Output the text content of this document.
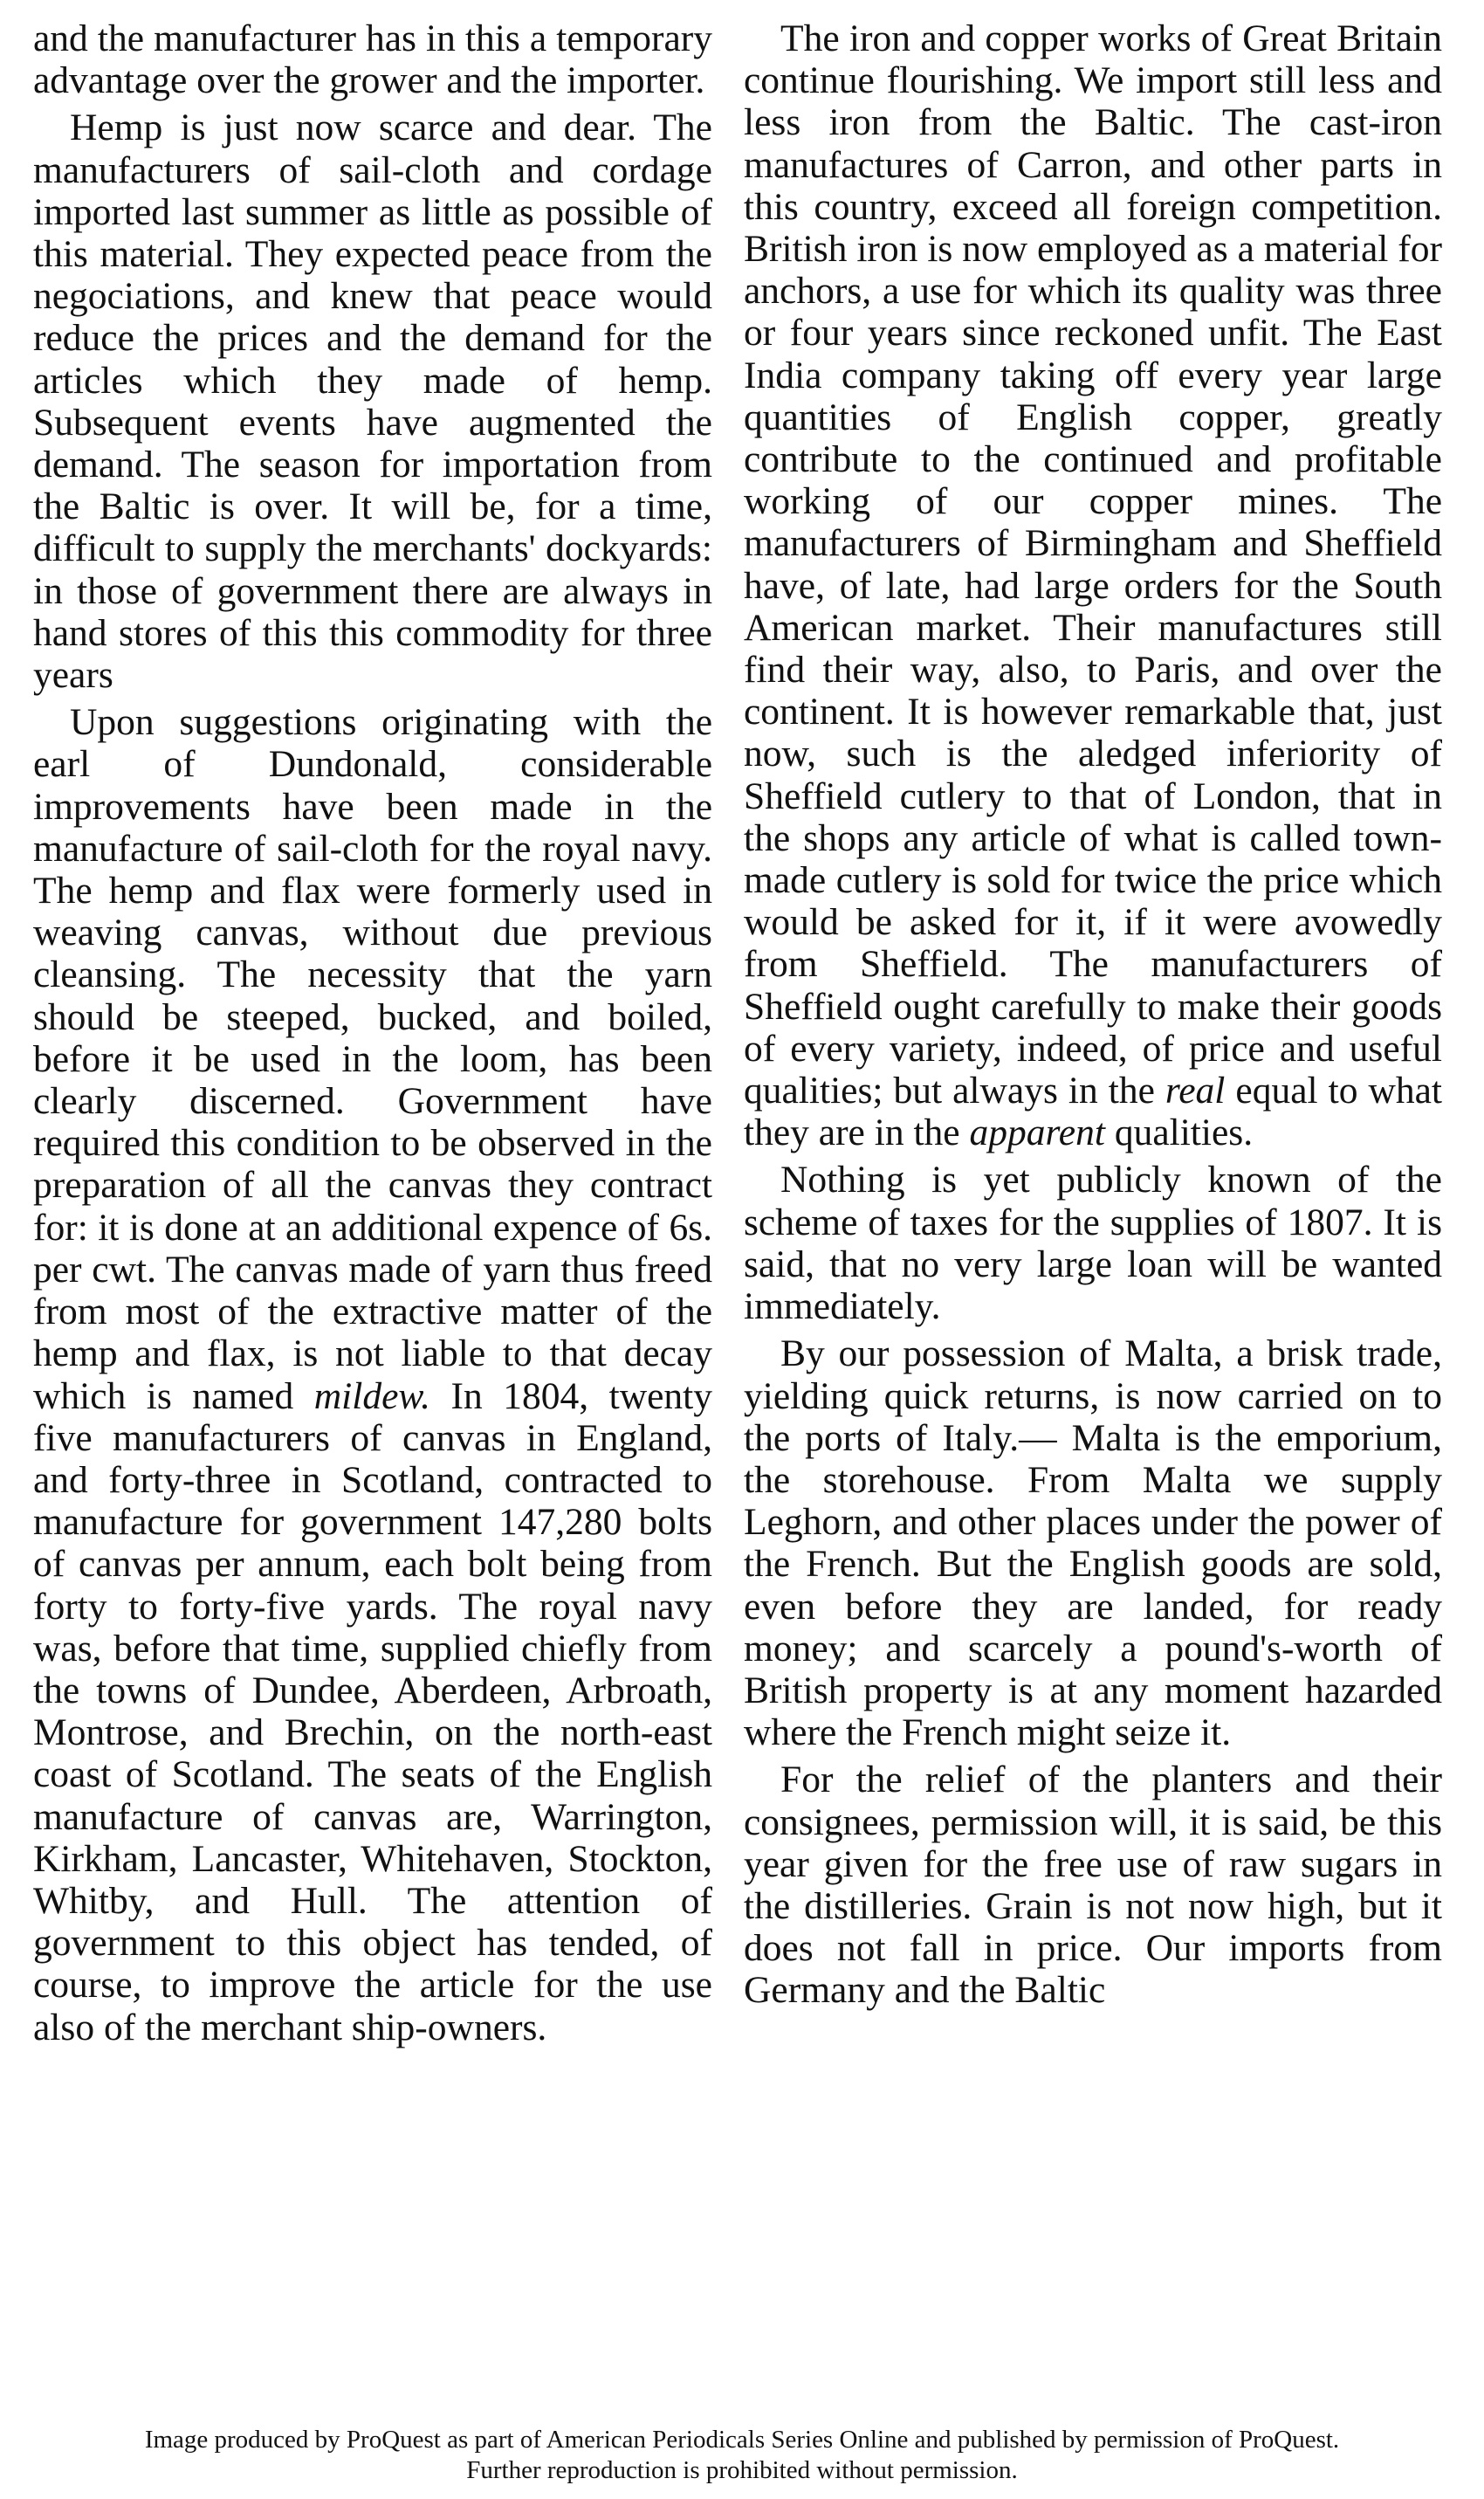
and the manufacturer has in this a temporary advantage over the grower and the importer.

Hemp is just now scarce and dear. The manufacturers of sail-cloth and cordage imported last summer as little as possible of this material. They expected peace from the negociations, and knew that peace would reduce the prices and the demand for the articles which they made of hemp. Subsequent events have augmented the demand. The season for importation from the Baltic is over. It will be, for a time, difficult to supply the merchants' dockyards: in those of government there are always in hand stores of this this commodity for three years

Upon suggestions originating with the earl of Dundonald, considerable improvements have been made in the manufacture of sail-cloth for the royal navy. The hemp and flax were formerly used in weaving canvas, without due previous cleansing. The necessity that the yarn should be steeped, bucked, and boiled, before it be used in the loom, has been clearly discerned. Government have required this condition to be observed in the preparation of all the canvas they contract for: it is done at an additional expence of 6s. per cwt. The canvas made of yarn thus freed from most of the extractive matter of the hemp and flax, is not liable to that decay which is named mildew. In 1804, twenty five manufacturers of canvas in England, and forty-three in Scotland, contracted to manufacture for government 147,280 bolts of canvas per annum, each bolt being from forty to forty-five yards. The royal navy was, before that time, supplied chiefly from the towns of Dundee, Aberdeen, Arbroath, Montrose, and Brechin, on the north-east coast of Scotland. The seats of the English manufacture of canvas are, Warrington, Kirkham, Lancaster, Whitehaven, Stockton, Whitby, and Hull. The attention of government to this object has tended, of course, to improve the article for the use also of the merchant ship-owners.

The iron and copper works of Great Britain continue flourishing. We import still less and less iron from the Baltic. The cast-iron manufactures of Carron, and other parts in this country, exceed all foreign competition. British iron is now employed as a material for anchors, a use for which its quality was three or four years since reckoned unfit. The East India company taking off every year large quantities of English copper, greatly contribute to the continued and profitable working of our copper mines. The manufacturers of Birmingham and Sheffield have, of late, had large orders for the South American market. Their manufactures still find their way, also, to Paris, and over the continent. It is however remarkable that, just now, such is the aledged inferiority of Sheffield cutlery to that of London, that in the shops any article of what is called town-made cutlery is sold for twice the price which would be asked for it, if it were avowedly from Sheffield. The manufacturers of Sheffield ought carefully to make their goods of every variety, indeed, of price and useful qualities; but always in the real equal to what they are in the apparent qualities.

Nothing is yet publicly known of the scheme of taxes for the supplies of 1807. It is said, that no very large loan will be wanted immediately.

By our possession of Malta, a brisk trade, yielding quick returns, is now carried on to the ports of Italy.— Malta is the emporium, the storehouse. From Malta we supply Leghorn, and other places under the power of the French. But the English goods are sold, even before they are landed, for ready money; and scarcely a pound's-worth of British property is at any moment hazarded where the French might seize it.

For the relief of the planters and their consignees, permission will, it is said, be this year given for the free use of raw sugars in the distilleries. Grain is not now high, but it does not fall in price. Our imports from Germany and the Baltic

Image produced by ProQuest as part of American Periodicals Series Online and published by permission of ProQuest.
Further reproduction is prohibited without permission.
